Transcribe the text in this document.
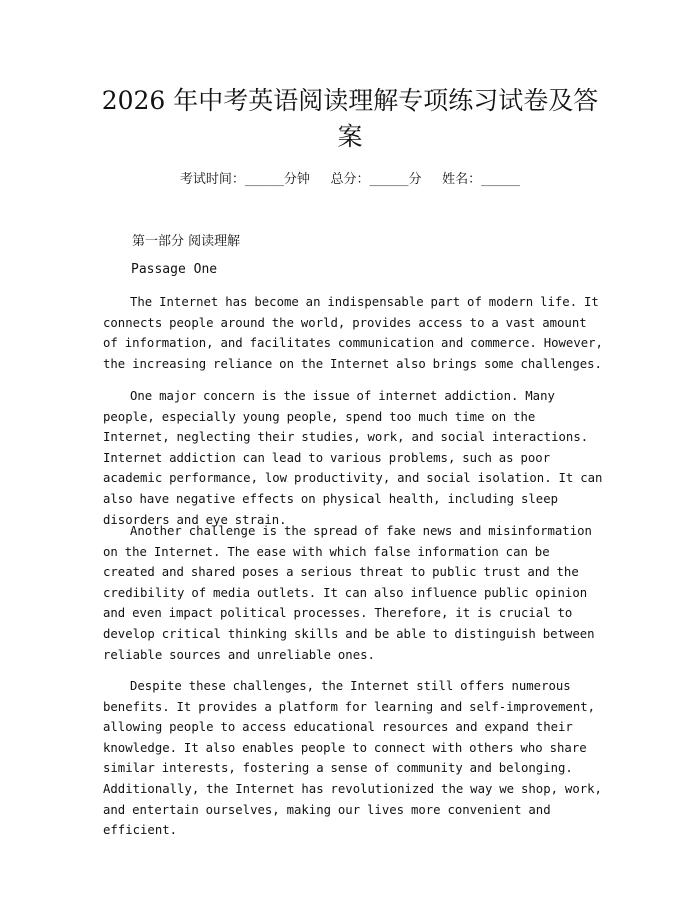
2026 年中考英语阅读理解专项练习试卷及答案
考试时间：______分钟     总分：______分     姓名：______

第一部分 阅读理解

Passage One

The Internet has become an indispensable part of modern life. It connects people around the world, provides access to a vast amount of information, and facilitates communication and commerce. However, the increasing reliance on the Internet also brings some challenges.

One major concern is the issue of internet addiction. Many people, especially young people, spend too much time on the Internet, neglecting their studies, work, and social interactions. Internet addiction can lead to various problems, such as poor academic performance, low productivity, and social isolation. It can also have negative effects on physical health, including sleep disorders and eye strain.

Another challenge is the spread of fake news and misinformation on the Internet. The ease with which false information can be created and shared poses a serious threat to public trust and the credibility of media outlets. It can also influence public opinion and even impact political processes. Therefore, it is crucial to develop critical thinking skills and be able to distinguish between reliable sources and unreliable ones.

Despite these challenges, the Internet still offers numerous benefits. It provides a platform for learning and self-improvement, allowing people to access educational resources and expand their knowledge. It also enables people to connect with others who share similar interests, fostering a sense of community and belonging. Additionally, the Internet has revolutionized the way we shop, work, and entertain ourselves, making our lives more convenient and efficient.
